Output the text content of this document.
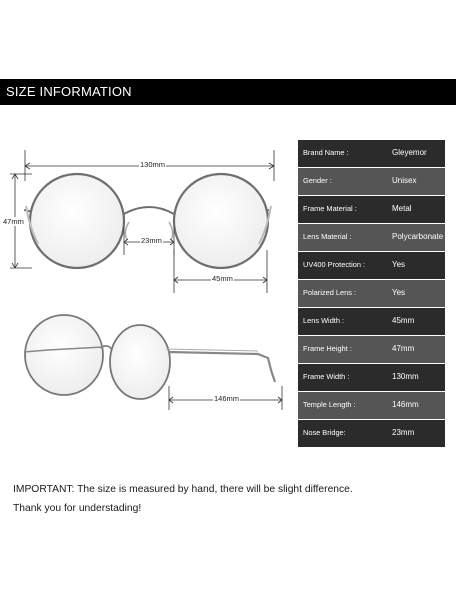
SIZE INFORMATION
130mm
47mm
23mm
45mm
146mm
Brand Name :	Gleyemor
Gender :	Unisex
Frame Material :	Metal
Lens Material :	Polycarbonate
UV400 Protection :	Yes
Polarized Lens :	Yes
Lens Width :	45mm
Frame Height :	47mm
Frame Width :	130mm
Temple Length :	146mm
Nose Bridge:	23mm
IMPORTANT: The size is measured by hand, there will be slight difference.
Thank you for understading!
